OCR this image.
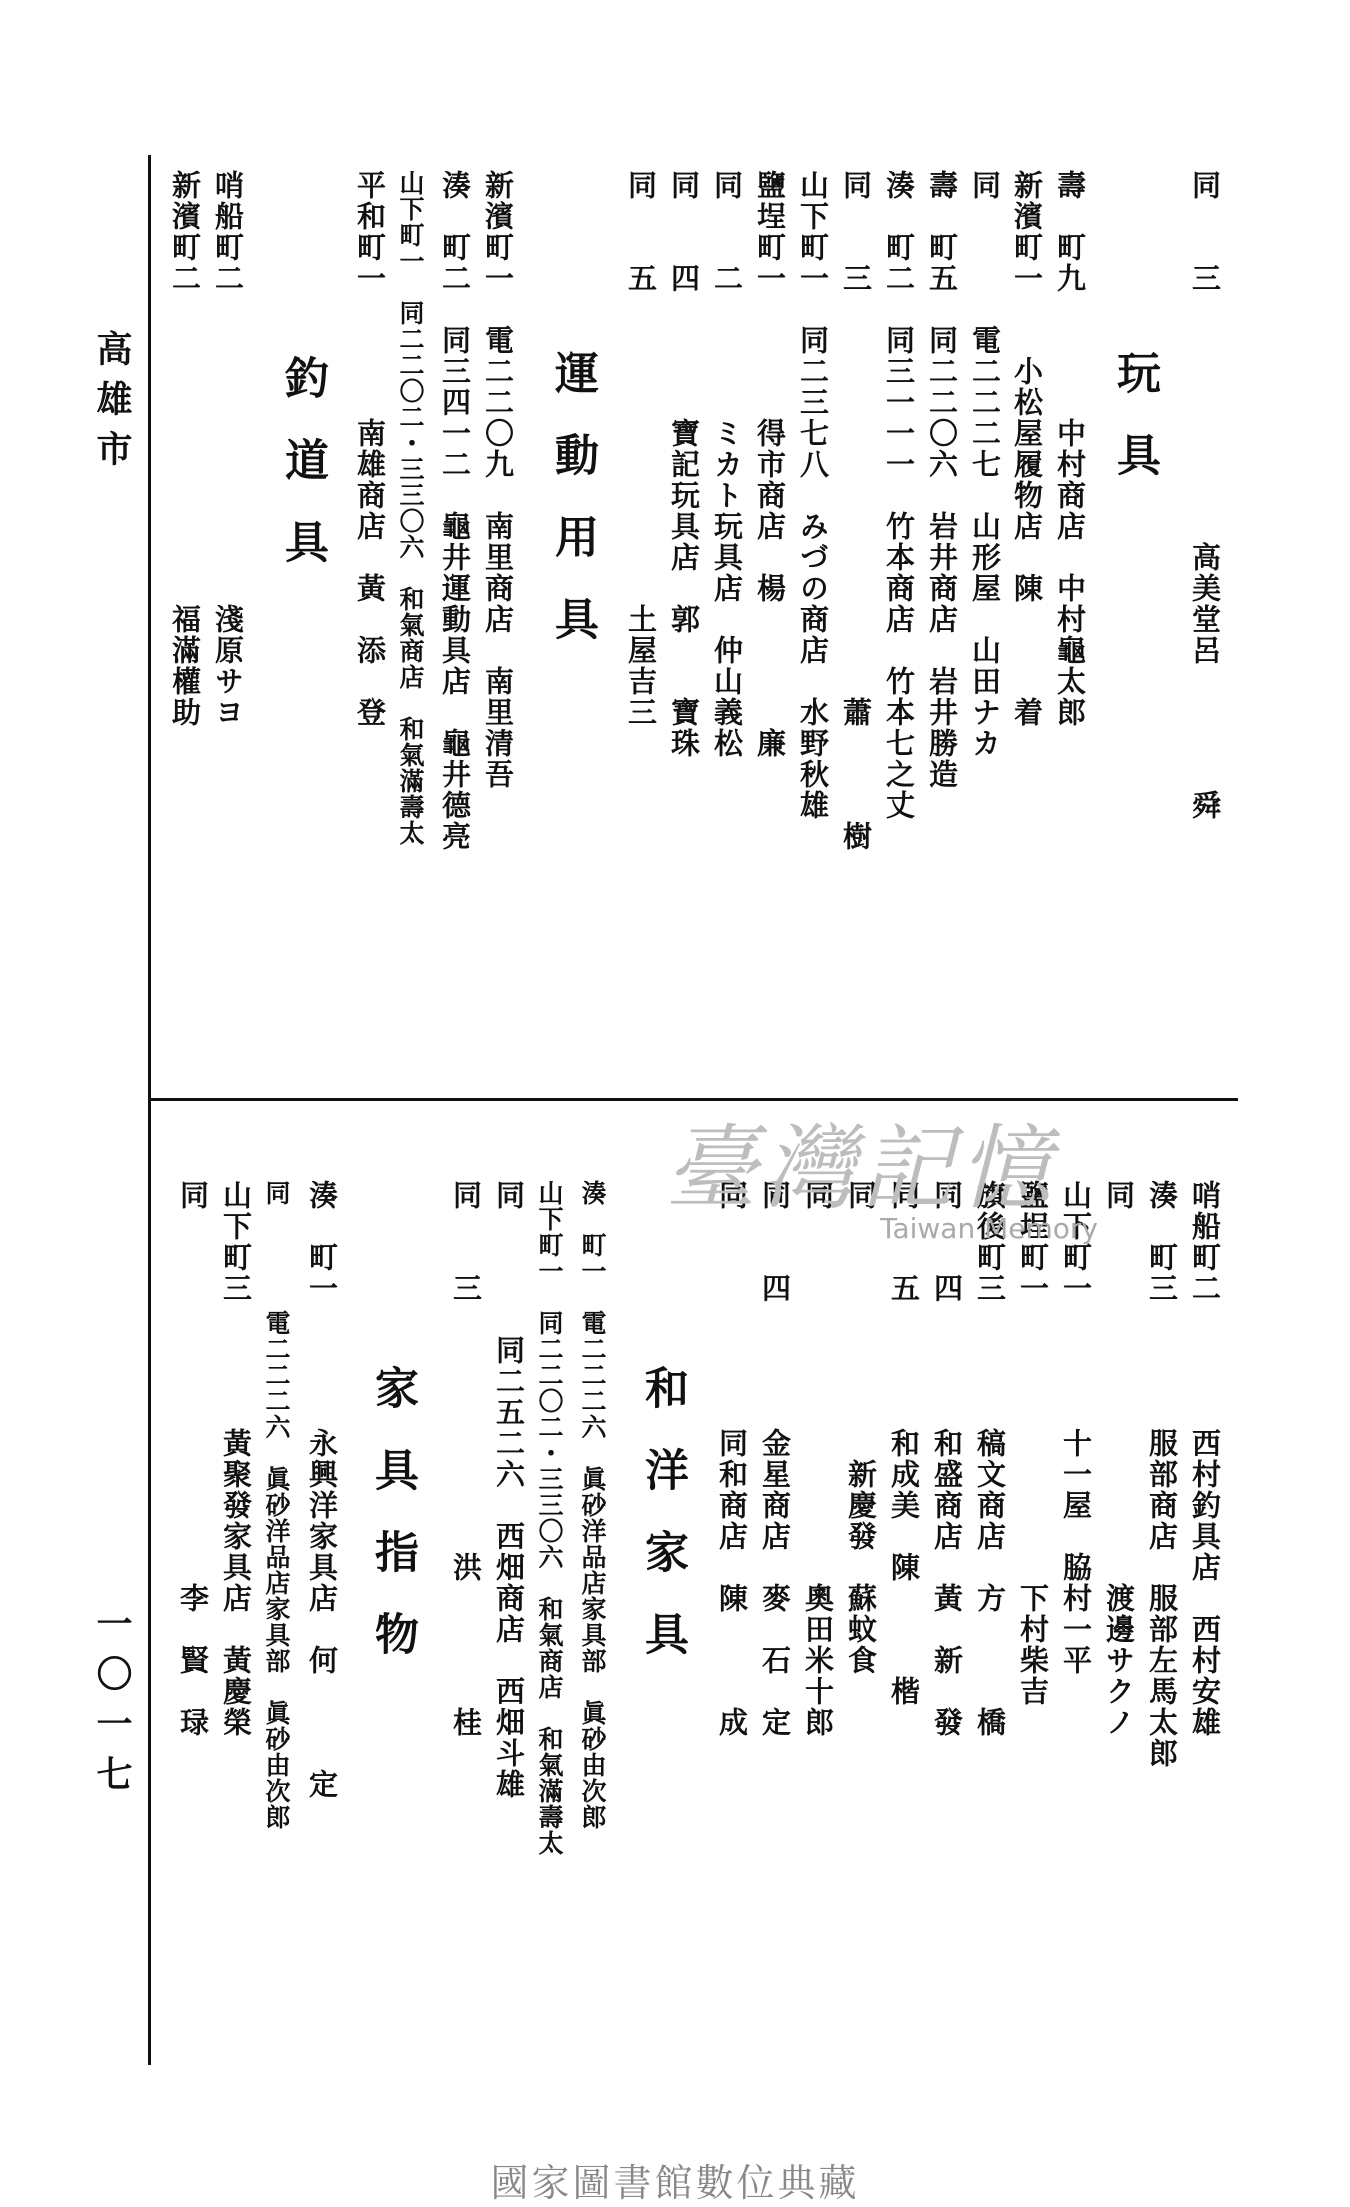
高雄市
一〇一七
同　　三　　　　　　　　高美堂呂　　　　舜
玩具
壽　町九　　　　中村商店　中村龜太郎
新濱町一　　小松屋履物店　陳　　　着
同　　　　電二二二七　山形屋　山田ナカ
壽　町五　同二二〇六　岩井商店　岩井勝造
湊　町二　同三一一一　竹本商店　竹本七之丈
同　　三　　　　　　　　　　　　　蕭　　　樹
山下町一　同二三七八　みづの商店　水野秋雄
鹽埕町一　　　　得市商店　楊　　　　廉
同　　二　　　　ミカト玩具店　仲山義松
同　　四　　　　寶記玩具店　郭　　寶珠
同　　五　　　　　　　　　　土屋吉三
運動用具
新濱町一　電二二〇九　南里商店　南里清吾
湊　町二　同三四一二　龜井運動具店　龜井德亮
山下町一　同二二〇二・三三〇六　和氣商店　和氣滿壽太
平和町一　　　　南雄商店　黃　添　登
釣道具
哨船町二　　　　　　　　　　淺原サヨ
新濱町二　　　　　　　　　　福滿權助
哨船町二　　　　西村釣具店　西村安雄
湊　町三　　　　服部商店　服部左馬太郎
同　　　　　　　　　　　　渡邊サクノ
山下町一　　　　十一屋　脇村一平
鹽埕町一　　　　　　　　　下村柴吉
旗後町三　　　　稿文商店　方　　　橋
同　　四　　　　和盛商店　黃　新　發
同　　五　　　　和成美　陳　　　楷
同　　　　　　　　新慶發　蘇蚊食
同　　　　　　　　　　　　奧田米十郎
同　　四　　　　金星商店　麥　石　定
同　　　　　　　同和商店　陳　　　成
和洋家具
湊　町一　電二二二六　眞砂洋品店家具部　眞砂由次郎
山下町一　同二二〇二・三三〇六　和氣商店　和氣滿壽太
同　　　　同二五二六　西畑商店　西畑斗雄
同　　三　　　　　　　　洪　　　　桂
家具指物
湊　町一　　　　永興洋家具店　何　　　定
同　　　　電二二二六　眞砂洋品店家具部　眞砂由次郎
山下町三　　　　黃聚發家具店　黃慶榮
同　　　　　　　　　　　　李　賢　琭
臺灣記憶
Taiwan Memory
國家圖書館數位典藏
